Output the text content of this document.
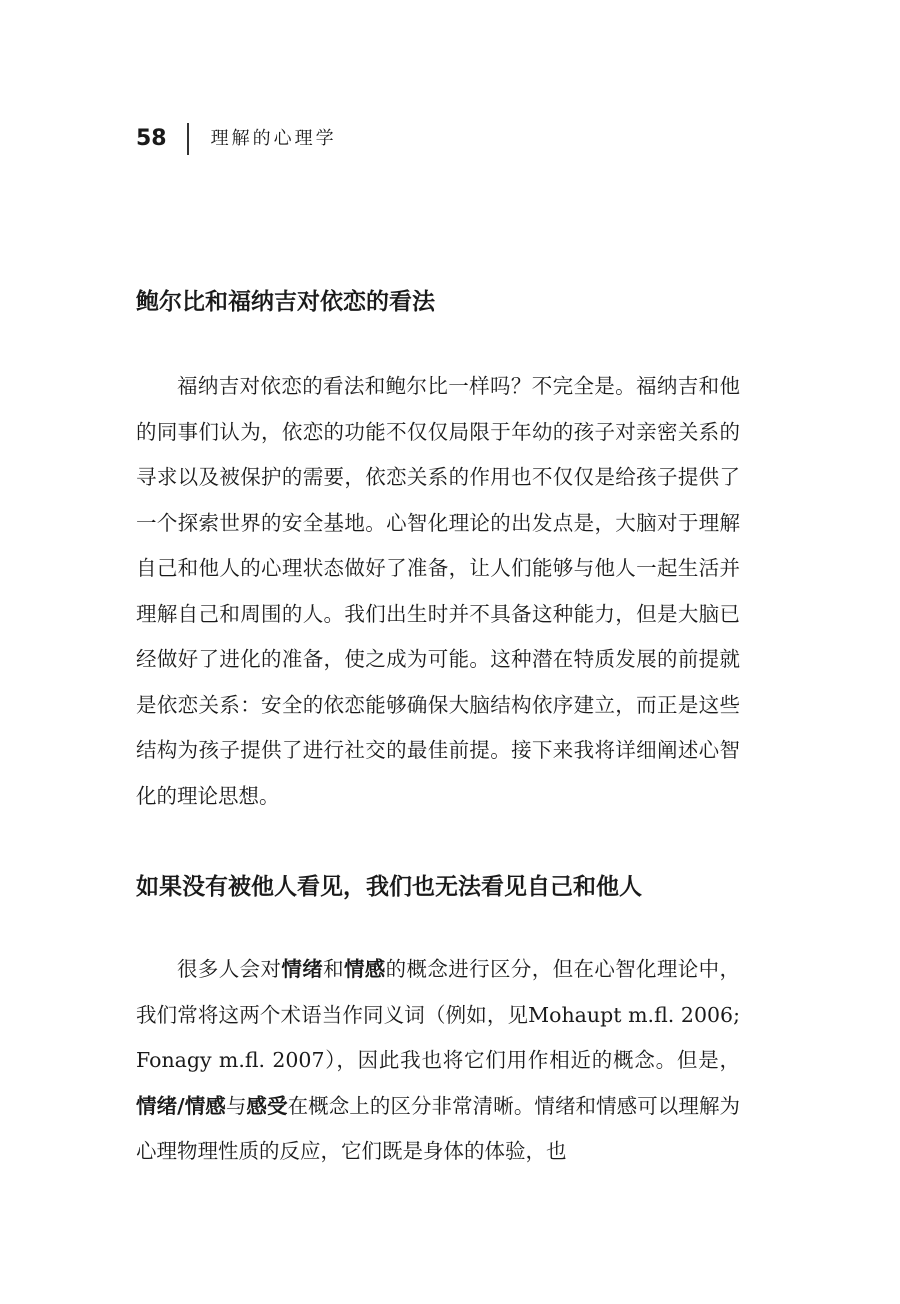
58 理解的心理学
鲍尔比和福纳吉对依恋的看法

福纳吉对依恋的看法和鲍尔比一样吗？不完全是。福纳吉和他的同事们认为，依恋的功能不仅仅局限于年幼的孩子对亲密关系的寻求以及被保护的需要，依恋关系的作用也不仅仅是给孩子提供了一个探索世界的安全基地。心智化理论的出发点是，大脑对于理解自己和他人的心理状态做好了准备，让人们能够与他人一起生活并理解自己和周围的人。我们出生时并不具备这种能力，但是大脑已经做好了进化的准备，使之成为可能。这种潜在特质发展的前提就是依恋关系：安全的依恋能够确保大脑结构依序建立，而正是这些结构为孩子提供了进行社交的最佳前提。接下来我将详细阐述心智化的理论思想。

如果没有被他人看见，我们也无法看见自己和他人

很多人会对情绪和情感的概念进行区分，但在心智化理论中，我们常将这两个术语当作同义词（例如，见Mohaupt m.fl. 2006; Fonagy m.fl. 2007），因此我也将它们用作相近的概念。但是，情绪/情感与感受在概念上的区分非常清晰。情绪和情感可以理解为心理物理性质的反应，它们既是身体的体验，也
